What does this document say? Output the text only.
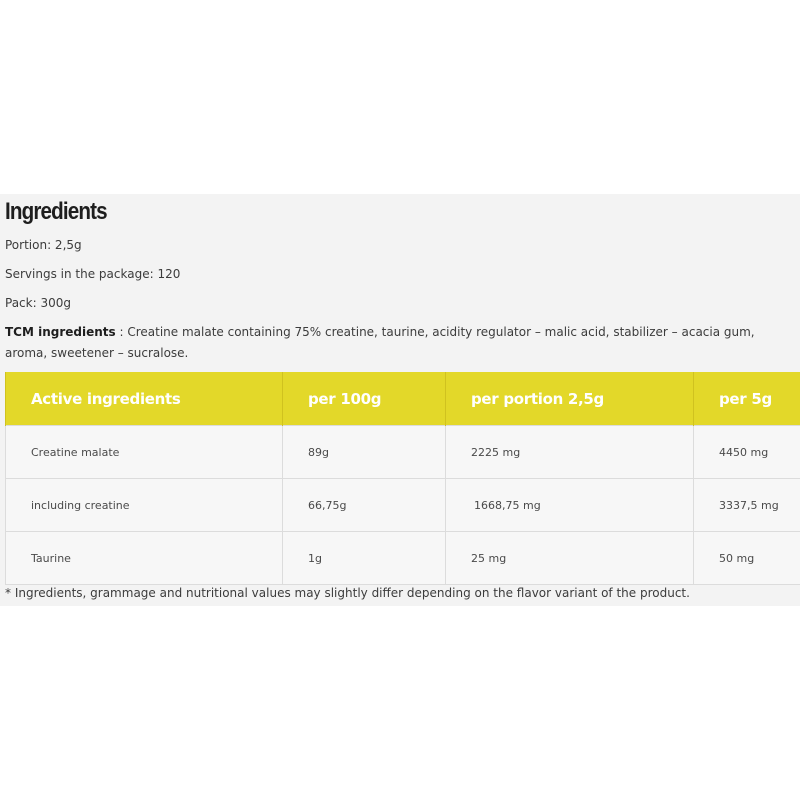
Ingredients

Portion: 2,5g

Servings in the package: 120

Pack: 300g

TCM ingredients : Creatine malate containing 75% creatine, taurine, acidity regulator – malic acid, stabilizer – acacia gum, aroma, sweetener – sucralose.

Active ingredients	per 100g	per portion 2,5g	per 5g
Creatine malate	89g	2225 mg	4450 mg
including creatine	66,75g	1668,75 mg	3337,5 mg
Taurine	1g	25 mg	50 mg

* Ingredients, grammage and nutritional values may slightly differ depending on the flavor variant of the product.
